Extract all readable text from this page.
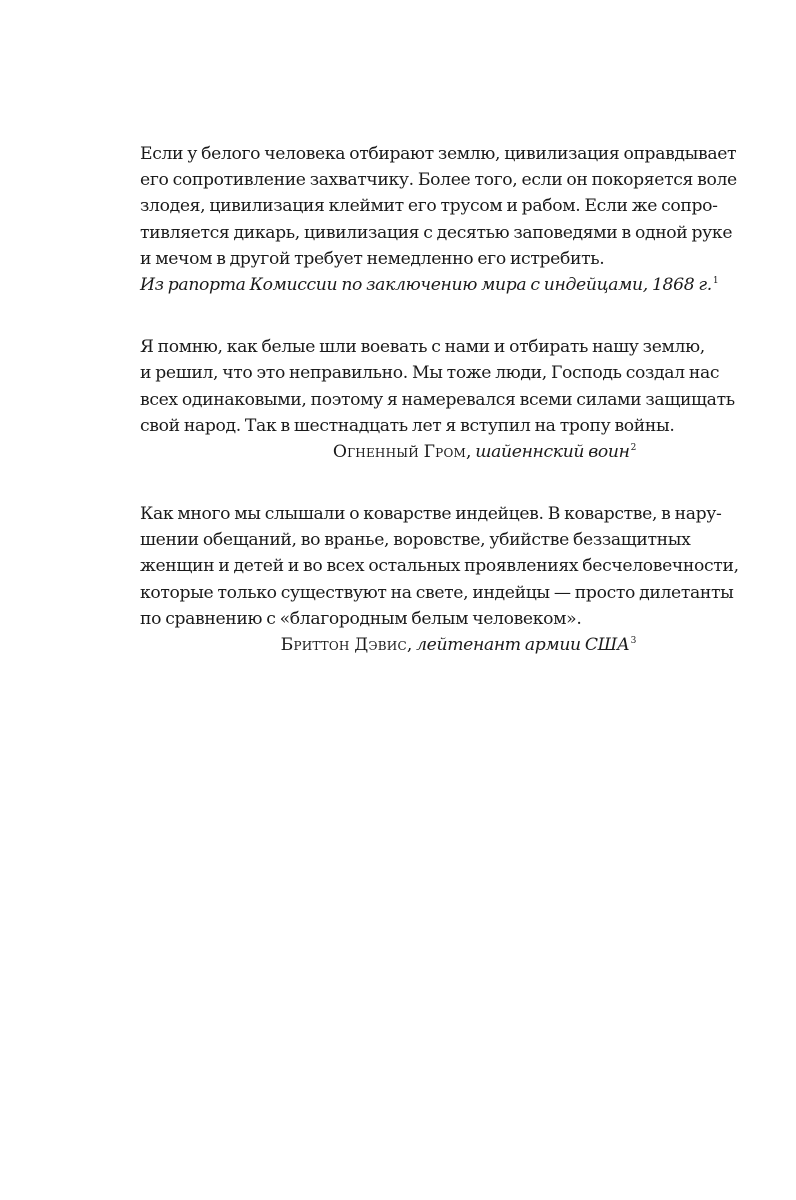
Если у белого человека отбирают землю, цивилизация оправдывает
его сопротивление захватчику. Более того, если он покоряется воле
злодея, цивилизация клеймит его трусом и рабом. Если же сопро-
тивляется дикарь, цивилизация с десятью заповедями в одной руке
и мечом в другой требует немедленно его истребить.
Из рапорта Комиссии по заключению мира с индейцами, 1868 г.$^1$
Я помню, как белые шли воевать с нами и отбирать нашу землю,
и решил, что это неправильно. Мы тоже люди, Господь создал нас
всех одинаковыми, поэтому я намеревался всеми силами защищать
свой народ. Так в шестнадцать лет я вступил на тропу войны.
Огненный Гром, шайеннский воин$^2$
Как много мы слышали о коварстве индейцев. В коварстве, в нару-
шении обещаний, во вранье, воровстве, убийстве беззащитных
женщин и детей и во всех остальных проявлениях бесчеловечности,
которые только существуют на свете, индейцы — просто дилетанты
по сравнению с «благородным белым человеком».
Бриттон Дэвис, лейтенант армии США$^3$
